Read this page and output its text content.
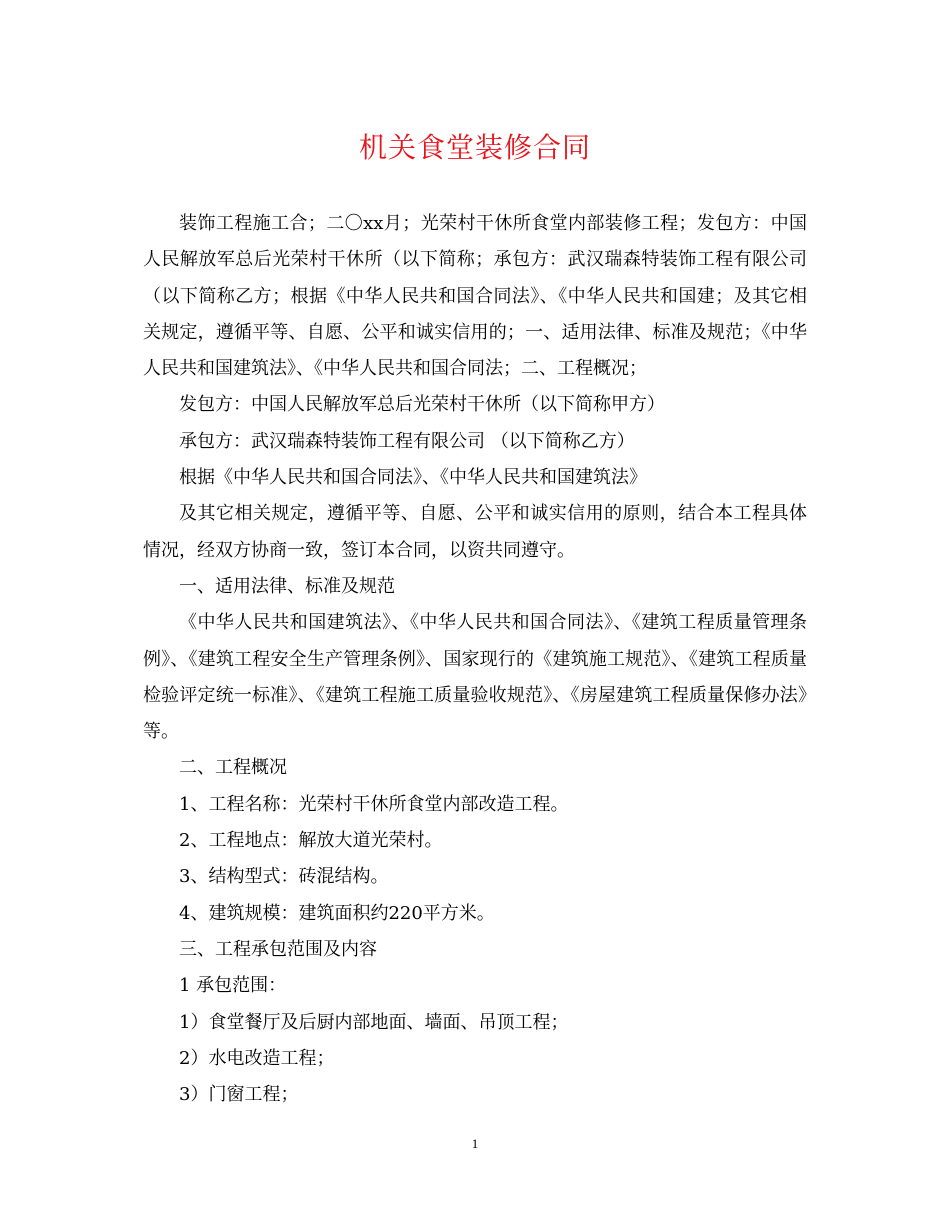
机关食堂装修合同

装饰工程施工合；二〇xx月；光荣村干休所食堂内部装修工程；发包方：中国人民解放军总后光荣村干休所（以下简称；承包方：武汉瑞森特装饰工程有限公司（以下简称乙方；根据《中华人民共和国合同法》、《中华人民共和国建；及其它相关规定，遵循平等、自愿、公平和诚实信用的；一、适用法律、标准及规范；《中华人民共和国建筑法》、《中华人民共和国合同法；二、工程概况；

发包方：中国人民解放军总后光荣村干休所（以下简称甲方）

承包方：武汉瑞森特装饰工程有限公司 （以下简称乙方）

根据《中华人民共和国合同法》、《中华人民共和国建筑法》

及其它相关规定，遵循平等、自愿、公平和诚实信用的原则，结合本工程具体情况，经双方协商一致，签订本合同，以资共同遵守。

一、适用法律、标准及规范

《中华人民共和国建筑法》、《中华人民共和国合同法》、《建筑工程质量管理条例》、《建筑工程安全生产管理条例》、国家现行的《建筑施工规范》、《建筑工程质量检验评定统一标准》、《建筑工程施工质量验收规范》、《房屋建筑工程质量保修办法》等。

二、工程概况

1、工程名称：光荣村干休所食堂内部改造工程。

2、工程地点：解放大道光荣村。

3、结构型式：砖混结构。

4、建筑规模：建筑面积约220平方米。

三、工程承包范围及内容

1 承包范围：

1）食堂餐厅及后厨内部地面、墙面、吊顶工程；

2）水电改造工程；

3）门窗工程；

1
